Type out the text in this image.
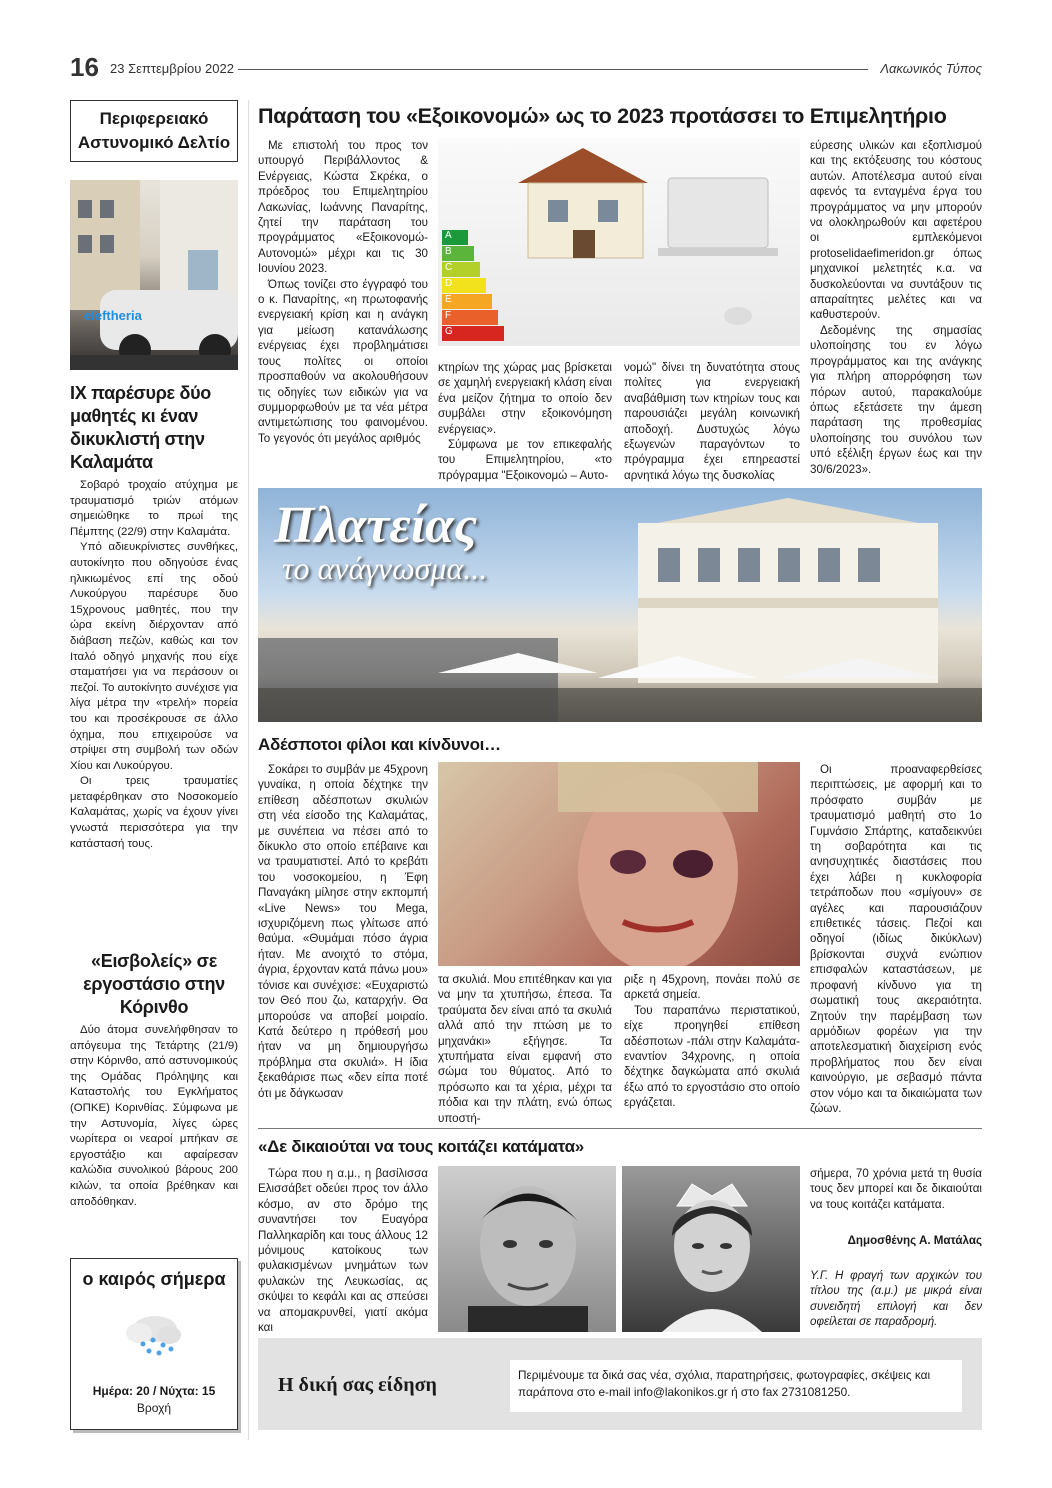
16 23 Σεπτεμβρίου 2022	Λακωνικός Τύπος
Περιφερειακό Αστυνομικό Δελτίο
eleftheria
ΙΧ παρέσυρε δύο μαθητές κι έναν δικυκλιστή στην Καλαμάτα
Σοβαρό τροχαίο ατύχημα με τραυματισμό τριών ατόμων σημειώθηκε το πρωί της Πέμπτης (22/9) στην Καλαμάτα.
Υπό αδιευκρίνιστες συνθήκες, αυτοκίνητο που οδηγούσε ένας ηλικιωμένος επί της οδού Λυκούργου παρέσυρε δυο 15χρονους μαθητές, που την ώρα εκείνη διέρχονταν από διάβαση πεζών, καθώς και τον Ιταλό οδηγό μηχανής που είχε σταματήσει για να περάσουν οι πεζοί. Το αυτοκίνητο συνέχισε για λίγα μέτρα την «τρελή» πορεία του και προσέκρουσε σε άλλο όχημα, που επιχειρούσε να στρίψει στη συμβολή των οδών Χίου και Λυκούργου.
Οι τρεις τραυματίες μεταφέρθηκαν στο Νοσοκομείο Καλαμάτας, χωρίς να έχουν γίνει γνωστά περισσότερα για την κατάστασή τους.
«Εισβολείς» σε εργοστάσιο στην Κόρινθο
Δύο άτομα συνελήφθησαν το απόγευμα της Τετάρτης (21/9) στην Κόρινθο, από αστυνομικούς της Ομάδας Πρόληψης και Καταστολής του Εγκλήματος (ΟΠΚΕ) Κορινθίας. Σύμφωνα με την Αστυνομία, λίγες ώρες νωρίτερα οι νεαροί μπήκαν σε εργοστάξιο και αφαίρεσαν καλώδια συνολικού βάρους 200 κιλών, τα οποία βρέθηκαν και αποδόθηκαν.
ο καιρός σήμερα
Ημέρα: 20 / Νύχτα: 15
Βροχή
Παράταση του «Εξοικονομώ» ως το 2023 προτάσσει το Επιμελητήριο
Με επιστολή του προς τον υπουργό Περιβάλλοντος & Ενέργειας, Κώστα Σκρέκα, ο πρόεδρος του Επιμελητηρίου Λακωνίας, Ιωάννης Παναρίτης, ζητεί την παράταση του προγράμματος «Εξοικονομώ-Αυτονομώ» μέχρι και τις 30 Ιουνίου 2023.
Όπως τονίζει στο έγγραφό του ο κ. Παναρίτης, «η πρωτοφανής ενεργειακή κρίση και η ανάγκη για μείωση κατανάλωσης ενέργειας έχει προβλημάτισει τους πολίτες οι οποίοι προσπαθούν να ακολουθήσουν τις οδηγίες των ειδικών για να συμμορφωθούν με τα νέα μέτρα αντιμετώπισης του φαινομένου. Το γεγονός ότι μεγάλος αριθμός
A
B
C
D
E
F
G
κτηρίων της χώρας μας βρίσκεται σε χαμηλή ενεργειακή κλάση είναι ένα μείζον ζήτημα το οποίο δεν συμβάλει στην εξοικονόμηση ενέργειας».
Σύμφωνα με τον επικεφαλής του Επιμελητηρίου, «το πρόγραμμα "Εξοικονομώ – Αυτο-
νομώ" δίνει τη δυνατότητα στους πολίτες για ενεργειακή αναβάθμιση των κτηρίων τους και παρουσιάζει μεγάλη κοινωνική αποδοχή. Δυστυχώς λόγω εξωγενών παραγόντων το πρόγραμμα έχει επηρεαστεί αρνητικά λόγω της δυσκολίας
εύρεσης υλικών και εξοπλισμού και της εκτόξευσης του κόστους αυτών. Αποτέλεσμα αυτού είναι αφενός τα ενταγμένα έργα του προγράμματος να μην μπορούν να ολοκληρωθούν και αφετέρου οι εμπλεκόμενοι protoselidaefimeridon.gr όπως μηχανικοί μελετητές κ.α. να δυσκολεύονται να συντάξουν τις απαραίτητες μελέτες και να καθυστερούν.
Δεδομένης της σημασίας υλοποίησης του εν λόγω προγράμματος και της ανάγκης για πλήρη απορρόφηση των πόρων αυτού, παρακαλούμε όπως εξετάσετε την άμεση παράταση της προθεσμίας υλοποίησης του συνόλου των υπό εξέλιξη έργων έως και την 30/6/2023».
Πλατείας
το ανάγνωσμα...
Αδέσποτοι φίλοι και κίνδυνοι…
Σοκάρει το συμβάν με 45χρονη γυναίκα, η οποία δέχτηκε την επίθεση αδέσποτων σκυλιών στη νέα είσοδο της Καλαμάτας, με συνέπεια να πέσει από το δίκυκλο στο οποίο επέβαινε και να τραυματιστεί. Από το κρεβάτι του νοσοκομείου, η Έφη Παναγάκη μίλησε στην εκπομπή «Live News» του Mega, ισχυριζόμενη πως γλίτωσε από θαύμα. «Θυμάμαι πόσο άγρια ήταν. Με ανοιχτό το στόμα, άγρια, έρχονταν κατά πάνω μου» τόνισε και συνέχισε: «Ευχαριστώ τον Θεό που ζω, καταρχήν. Θα μπορούσε να αποβεί μοιραίο. Κατά δεύτερο η πρόθεσή μου ήταν να μη δημιουργήσω πρόβλημα στα σκυλιά». Η ίδια ξεκαθάρισε πως «δεν είπα ποτέ ότι με δάγκωσαν
τα σκυλιά. Μου επιτέθηκαν και για να μην τα χτυπήσω, έπεσα. Τα τραύματα δεν είναι από τα σκυλιά αλλά από την πτώση με το μηχανάκι» εξήγησε. Τα χτυπήματα είναι εμφανή στο σώμα του θύματος. Από το πρόσωπο και τα χέρια, μέχρι τα πόδια και την πλάτη, ενώ όπως υποστή-
ριξε η 45χρονη, πονάει πολύ σε αρκετά σημεία.
Του παραπάνω περιστατικού, είχε προηγηθεί επίθεση αδέσποτων -πάλι στην Καλαμάτα- εναντίον 34χρονης, η οποία δέχτηκε δαγκώματα από σκυλιά έξω από το εργοστάσιο στο οποίο εργάζεται.
Οι προαναφερθείσες περιπτώσεις, με αφορμή και το πρόσφατο συμβάν με τραυματισμό μαθητή στο 1ο Γυμνάσιο Σπάρτης, καταδεικνύει τη σοβαρότητα και τις ανησυχητικές διαστάσεις που έχει λάβει η κυκλοφορία τετράποδων που «σμίγουν» σε αγέλες και παρουσιάζουν επιθετικές τάσεις. Πεζοί και οδηγοί (ιδίως δικύκλων) βρίσκονται συχνά ενώπιον επισφαλών καταστάσεων, με προφανή κίνδυνο για τη σωματική τους ακεραιότητα. Ζητούν την παρέμβαση των αρμόδιων φορέων για την αποτελεσματική διαχείριση ενός προβλήματος που δεν είναι καινούργιο, με σεβασμό πάντα στον νόμο και τα δικαιώματα των ζώων.
«Δε δικαιούται να τους κοιτάζει κατάματα»
Τώρα που η α.μ., η βασίλισσα Ελισσάβετ οδεύει προς τον άλλο κόσμο, αν στο δρόμο της συναντήσει τον Ευαγόρα Παλληκαρίδη και τους άλλους 12 μόνιμους κατοίκους των φυλακισμένων μνημάτων των φυλακών της Λευκωσίας, ας σκύψει το κεφάλι και ας σπεύσει να απομακρυνθεί, γιατί ακόμα και
σήμερα, 70 χρόνια μετά τη θυσία τους δεν μπορεί και δε δικαιούται να τους κοιτάζει κατάματα.
Δημοσθένης Α. Ματάλας
Υ.Γ. Η φραγή των αρχικών του τίτλου της (α.μ.) με μικρά είναι συνειδητή επιλογή και δεν οφείλεται σε παραδρομή.
Η δική σας είδηση	Περιμένουμε τα δικά σας νέα, σχόλια, παρατηρήσεις, φωτογραφίες, σκέψεις και παράπονα στο e-mail info@lakonikos.gr ή στο fax 2731081250.
